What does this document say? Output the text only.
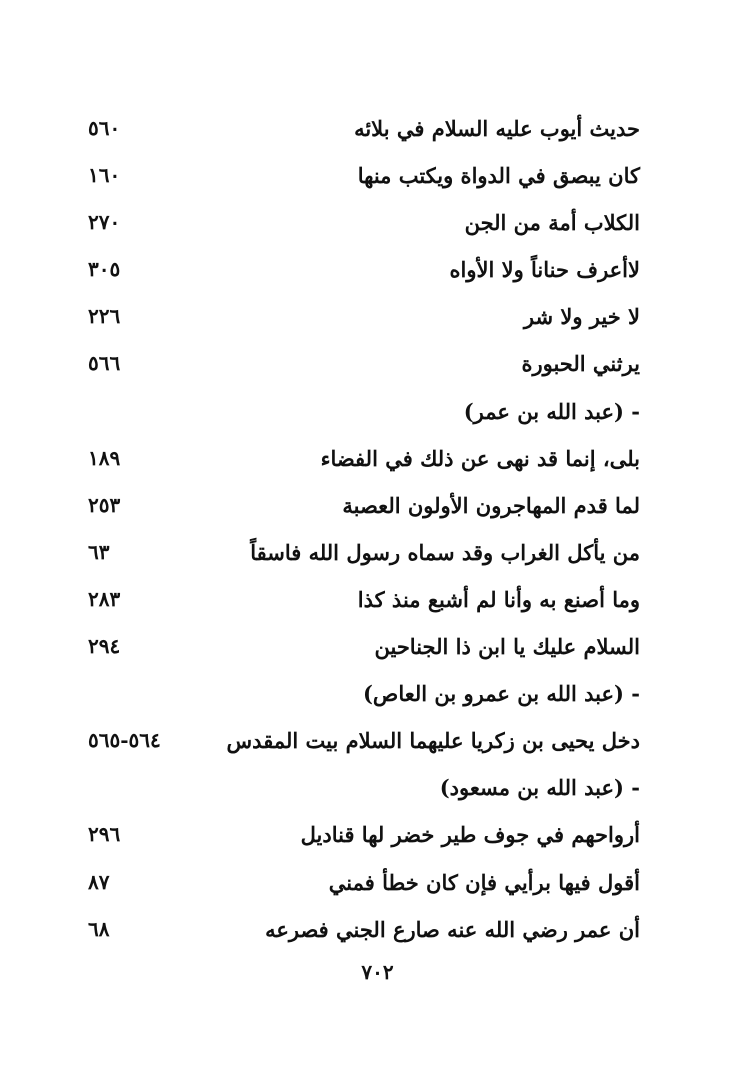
حديث أيوب عليه السلام في بلائه
٥٦٠
كان يبصق في الدواة ويكتب منها
١٦٠
الكلاب أمة من الجن
٢٧٠
لاأعرف حناناً ولا الأواه
٣٠٥
لا خير ولا شر
٢٢٦
يرثني الحبورة
٥٦٦
- (عبد الله بن عمر)
بلى، إنما قد نهى عن ذلك في الفضاء
١٨٩
لما قدم المهاجرون الأولون العصبة
٢٥٣
من يأكل الغراب وقد سماه رسول الله فاسقاً
٦٣
وما أصنع به وأنا لم أشبع منذ كذا
٢٨٣
السلام عليك يا ابن ذا الجناحين
٢٩٤
- (عبد الله بن عمرو بن العاص)
دخل يحيى بن زكريا عليهما السلام بيت المقدس
٥٦٤-٥٦٥
- (عبد الله بن مسعود)
أرواحهم في جوف طير خضر لها قناديل
٢٩٦
أقول فيها برأيي فإن كان خطأ فمني
٨٧
أن عمر رضي الله عنه صارع الجني فصرعه
٦٨
٧٠٢
